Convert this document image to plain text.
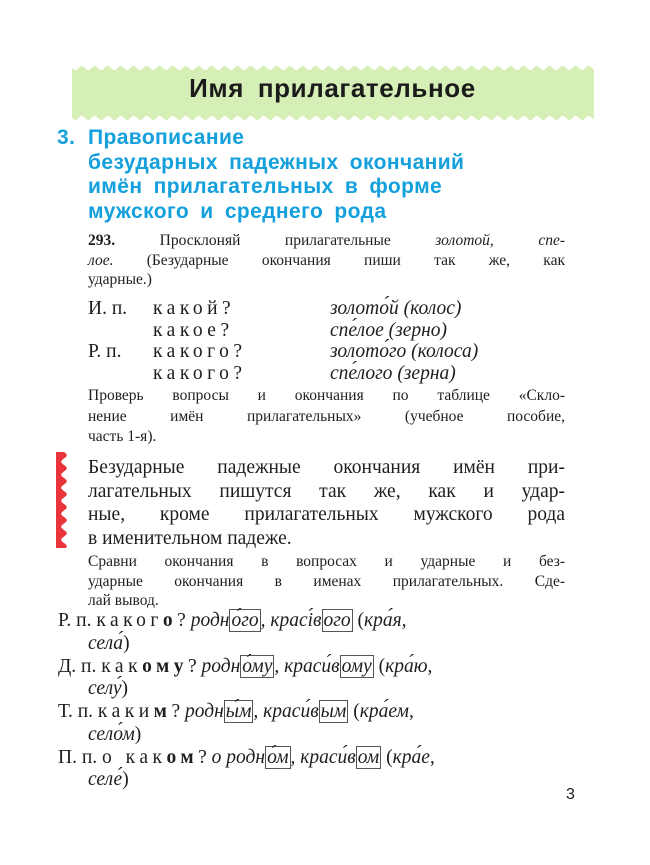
Имя прилагательное
3. Правописание
безударных падежных окончаний
имён прилагательных в форме
мужского и среднего рода
293.	Просклоняй прилагательные	золотой, спе-
лое. (Безударные окончания пиши так же, как
ударные.)
И. п. какой?	золото́й (колос)
какое?	спе́лое (зерно)
Р. п. какого?	золото́го (колоса)
какого?	спе́лого (зерна)
Проверь вопросы и окончания по таблице «Скло-
нение имён прилагательных» (учебное пособие,
часть 1-я).
Безударные падежные окончания имён при-
лагательных пишутся так же, как и удар-
ные, кроме прилагательных мужского рода
в именительном падеже.
Сравни окончания в вопросах и ударные и без-
ударные окончания в именах прилагательных. Сде-
лай вывод.
Р. п. какого? родн о́го , красі́в ого (кра́я,
села́)
Д. п. какому? родн о́му , краси́в ому (кра́ю,
селу́)
Т. п. каким? родн ы́м , краси́в ым (кра́ем,
село́м)
П. п. о каком? о родн о́м , краси́в ом (кра́е,
селе́)
3
